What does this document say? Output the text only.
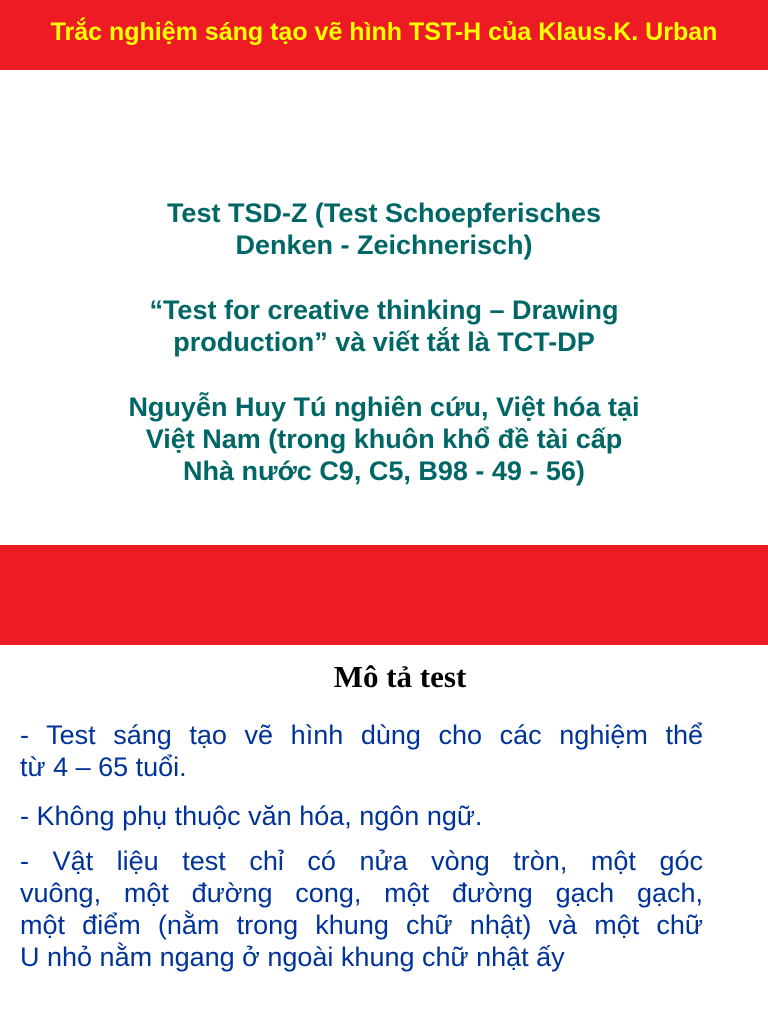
Trắc nghiệm sáng tạo vẽ hình TST-H của Klaus.K. Urban

Test TSD-Z (Test Schoepferisches
Denken - Zeichnerisch)

“Test for creative thinking – Drawing
production” và viết tắt là TCT-DP

Nguyễn Huy Tú nghiên cứu, Việt hóa tại
Việt Nam (trong khuôn khổ đề tài cấp
Nhà nước C9, C5, B98 - 49 - 56)

Mô tả test
- Test sáng tạo vẽ hình dùng cho các nghiệm thể
từ 4 – 65 tuổi.
- Không phụ thuộc văn hóa, ngôn ngữ.
- Vật liệu test chỉ có nửa vòng tròn, một góc
vuông, một đường cong, một đường gạch gạch,
một điểm (nằm trong khung chữ nhật) và một chữ
U nhỏ nằm ngang ở ngoài khung chữ nhật ấy
